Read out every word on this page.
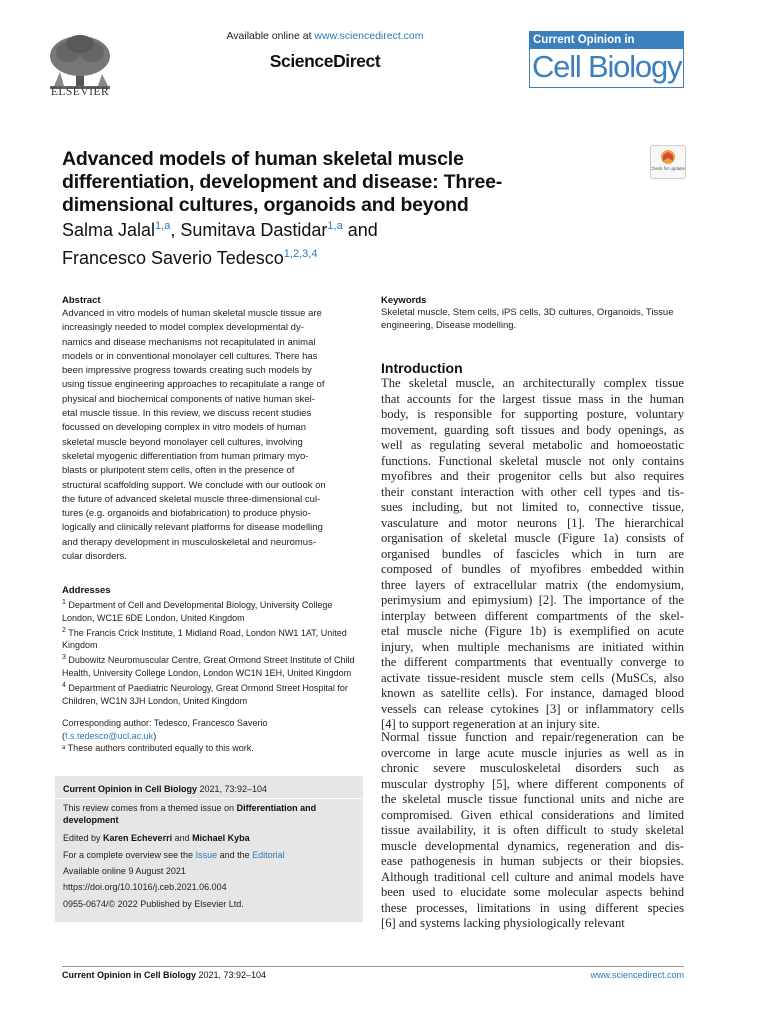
ELSEVIER
Available online at www.sciencedirect.com
ScienceDirect
Current Opinion in
Cell Biology
Check for updates
Advanced models of human skeletal muscle differentiation, development and disease: Three-dimensional cultures, organoids and beyond
Salma Jalal$^{1,a}$, Sumitava Dastidar$^{1,a}$ and
Francesco Saverio Tedesco$^{1,2,3,4}$
Abstract
Advanced in vitro models of human skeletal muscle tissue are
increasingly needed to model complex developmental dy-
namics and disease mechanisms not recapitulated in animal
models or in conventional monolayer cell cultures. There has
been impressive progress towards creating such models by
using tissue engineering approaches to recapitulate a range of
physical and biochemical components of native human skel-
etal muscle tissue. In this review, we discuss recent studies
focussed on developing complex in vitro models of human
skeletal muscle beyond monolayer cell cultures, involving
skeletal myogenic differentiation from human primary myo-
blasts or pluripotent stem cells, often in the presence of
structural scaffolding support. We conclude with our outlook on
the future of advanced skeletal muscle three-dimensional cul-
tures (e.g. organoids and biofabrication) to produce physio-
logically and clinically relevant platforms for disease modelling
and therapy development in musculoskeletal and neuromus-
cular disorders.
Addresses

$^1$ Department of Cell and Developmental Biology, University College London, WC1E 6DE London, United Kingdom

$^2$ The Francis Crick Institute, 1 Midland Road, London NW1 1AT, United Kingdom

$^3$ Dubowitz Neuromuscular Centre, Great Ormond Street Institute of Child Health, University College London, London WC1N 1EH, United Kingdom

$^4$ Department of Paediatric Neurology, Great Ormond Street Hospital for Children, WC1N 3JH London, United Kingdom

Corresponding author: Tedesco, Francesco Saverio (f.s.tedesco@ucl.ac.uk)
ᵃ These authors contributed equally to this work.
Current Opinion in Cell Biology 2021, 73:92–104
This review comes from a themed issue on Differentiation and development
Edited by Karen Echeverri and Michael Kyba
For a complete overview see the Issue and the Editorial
Available online 9 August 2021
https://doi.org/10.1016/j.ceb.2021.06.004
0955-0674/© 2022 Published by Elsevier Ltd.
Keywords
Skeletal muscle, Stem cells, iPS cells, 3D cultures, Organoids, Tissue engineering, Disease modelling.
Introduction
The skeletal muscle, an architecturally complex tissue
that accounts for the largest tissue mass in the human
body, is responsible for supporting posture, voluntary
movement, guarding soft tissues and body openings, as
well as regulating several metabolic and homoeostatic
functions. Functional skeletal muscle not only contains
myofibres and their progenitor cells but also requires
their constant interaction with other cell types and tis-
sues including, but not limited to, connective tissue,
vasculature and motor neurons [1]. The hierarchical
organisation of skeletal muscle (Figure 1a) consists of
organised bundles of fascicles which in turn are
composed of bundles of myofibres embedded within
three layers of extracellular matrix (the endomysium,
perimysium and epimysium) [2]. The importance of the
interplay between different compartments of the skel-
etal muscle niche (Figure 1b) is exemplified on acute
injury, when multiple mechanisms are initiated within
the different compartments that eventually converge to
activate tissue-resident muscle stem cells (MuSCs, also
known as satellite cells). For instance, damaged blood
vessels can release cytokines [3] or inflammatory cells
[4] to support regeneration at an injury site.
Normal tissue function and repair/regeneration can be
overcome in large acute muscle injuries as well as in
chronic severe musculoskeletal disorders such as
muscular dystrophy [5], where different components of
the skeletal muscle tissue functional units and niche are
compromised. Given ethical considerations and limited
tissue availability, it is often difficult to study skeletal
muscle developmental dynamics, regeneration and dis-
ease pathogenesis in human subjects or their biopsies.
Although traditional cell culture and animal models have
been used to elucidate some molecular aspects behind
these processes, limitations in using different species
[6] and systems lacking physiologically relevant
Current Opinion in Cell Biology 2021, 73:92–104	www.sciencedirect.com
